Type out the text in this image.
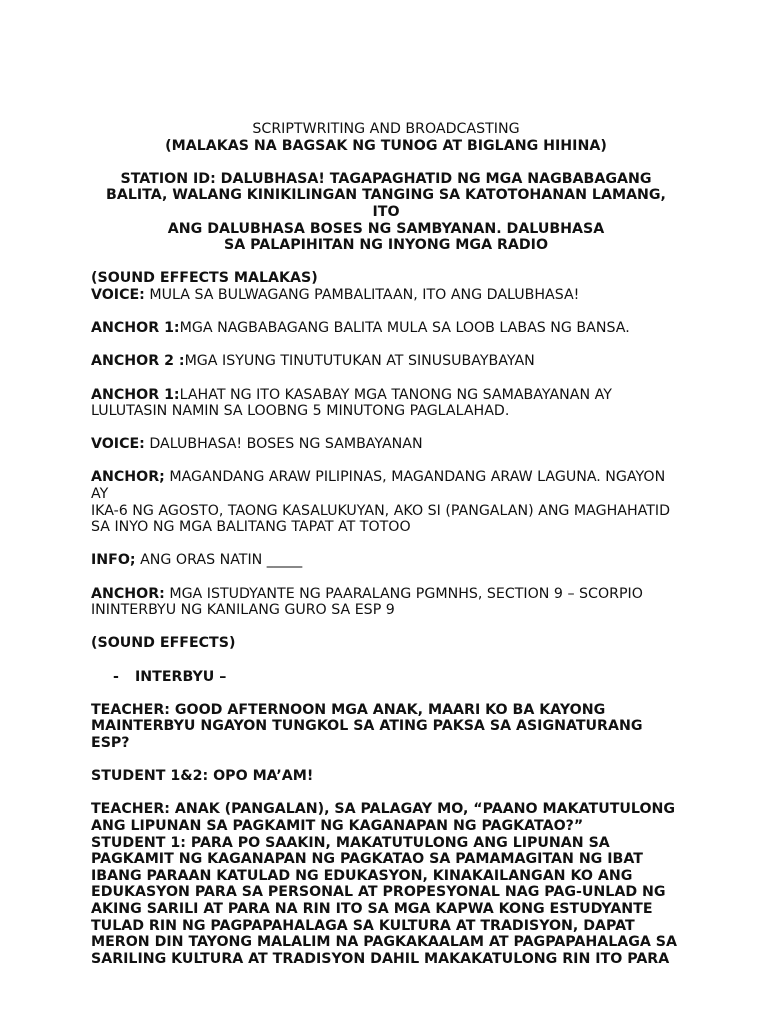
SCRIPTWRITING AND BROADCASTING

(MALAKAS NA BAGSAK NG TUNOG AT BIGLANG HIHINA)

STATION ID: DALUBHASA! TAGAPAGHATID NG MGA NAGBABAGANG

BALITA, WALANG KINIKILINGAN TANGING SA KATOTOHANAN LAMANG, ITO

ANG DALUBHASA BOSES NG SAMBYANAN. DALUBHASA

SA PALAPIHITAN NG INYONG MGA RADIO

(SOUND EFFECTS MALAKAS)

VOICE: MULA SA BULWAGANG PAMBALITAAN, ITO ANG DALUBHASA!

ANCHOR 1:MGA NAGBABAGANG BALITA MULA SA LOOB LABAS NG BANSA.

ANCHOR 2 :MGA ISYUNG TINUTUTUKAN AT SINUSUBAYBAYAN

ANCHOR 1:LAHAT NG ITO KASABAY MGA TANONG NG SAMABAYANAN AY

LULUTASIN NAMIN SA LOOBNG 5 MINUTONG PAGLALAHAD.

VOICE: DALUBHASA! BOSES NG SAMBAYANAN

ANCHOR; MAGANDANG ARAW PILIPINAS, MAGANDANG ARAW LAGUNA. NGAYON AY

IKA-6 NG AGOSTO, TAONG KASALUKUYAN, AKO SI (PANGALAN) ANG MAGHAHATID

SA INYO NG MGA BALITANG TAPAT AT TOTOO

INFO; ANG ORAS NATIN _____

ANCHOR: MGA ISTUDYANTE NG PAARALANG PGMNHS, SECTION 9 – SCORPIO

ININTERBYU NG KANILANG GURO SA ESP 9

(SOUND EFFECTS)

- INTERBYU –

TEACHER: GOOD AFTERNOON MGA ANAK, MAARI KO BA KAYONG

MAINTERBYU NGAYON TUNGKOL SA ATING PAKSA SA ASIGNATURANG ESP?

STUDENT 1&2: OPO MA’AM!

TEACHER: ANAK (PANGALAN), SA PALAGAY MO, “PAANO MAKATUTULONG

ANG LIPUNAN SA PAGKAMIT NG KAGANAPAN NG PAGKATAO?”

STUDENT 1: PARA PO SAAKIN, MAKATUTULONG ANG LIPUNAN SA

PAGKAMIT NG KAGANAPAN NG PAGKATAO SA PAMAMAGITAN NG IBAT

IBANG PARAAN KATULAD NG EDUKASYON, KINAKAILANGAN KO ANG

EDUKASYON PARA SA PERSONAL AT PROPESYONAL NAG PAG-UNLAD NG

AKING SARILI AT PARA NA RIN ITO SA MGA KAPWA KONG ESTUDYANTE

TULAD RIN NG PAGPAPAHALAGA SA KULTURA AT TRADISYON, DAPAT

MERON DIN TAYONG MALALIM NA PAGKAKAALAM AT PAGPAPAHALAGA SA

SARILING KULTURA AT TRADISYON DAHIL MAKAKATULONG RIN ITO PARA
